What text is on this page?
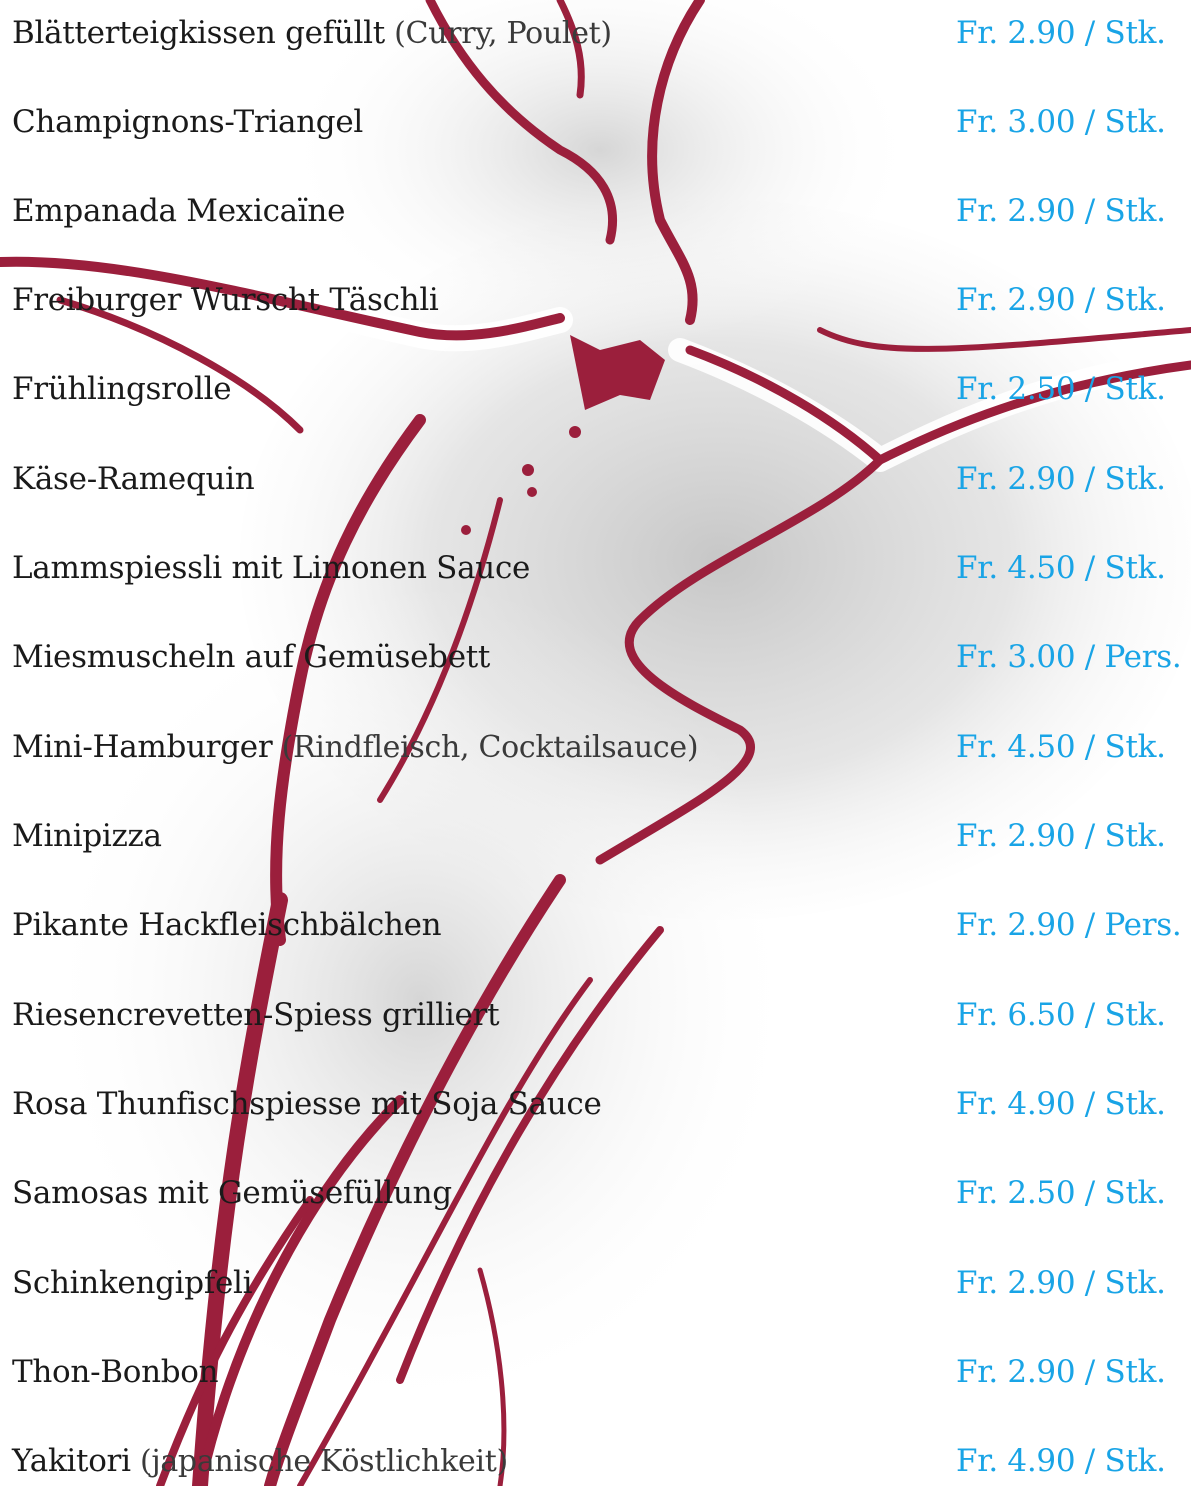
Blätterteigkissen gefüllt (Curry, Poulet)	Fr. 2.90 / Stk.
Champignons-Triangel	Fr. 3.00 / Stk.
Empanada Mexicaïne	Fr. 2.90 / Stk.
Freiburger Wurscht Täschli	Fr. 2.90 / Stk.
Frühlingsrolle	Fr. 2.50 / Stk.
Käse-Ramequin	Fr. 2.90 / Stk.
Lammspiessli mit Limonen Sauce	Fr. 4.50 / Stk.
Miesmuscheln auf Gemüsebett	Fr. 3.00 / Pers.
Mini-Hamburger (Rindfleisch, Cocktailsauce)	Fr. 4.50 / Stk.
Minipizza	Fr. 2.90 / Stk.
Pikante Hackfleischbälchen	Fr. 2.90 / Pers.
Riesencrevetten-Spiess grilliert	Fr. 6.50 / Stk.
Rosa Thunfischspiesse mit Soja Sauce	Fr. 4.90 / Stk.
Samosas mit Gemüsefüllung	Fr. 2.50 / Stk.
Schinkengipfeli	Fr. 2.90 / Stk.
Thon-Bonbon	Fr. 2.90 / Stk.
Yakitori (japanische Köstlichkeit)	Fr. 4.90 / Stk.
